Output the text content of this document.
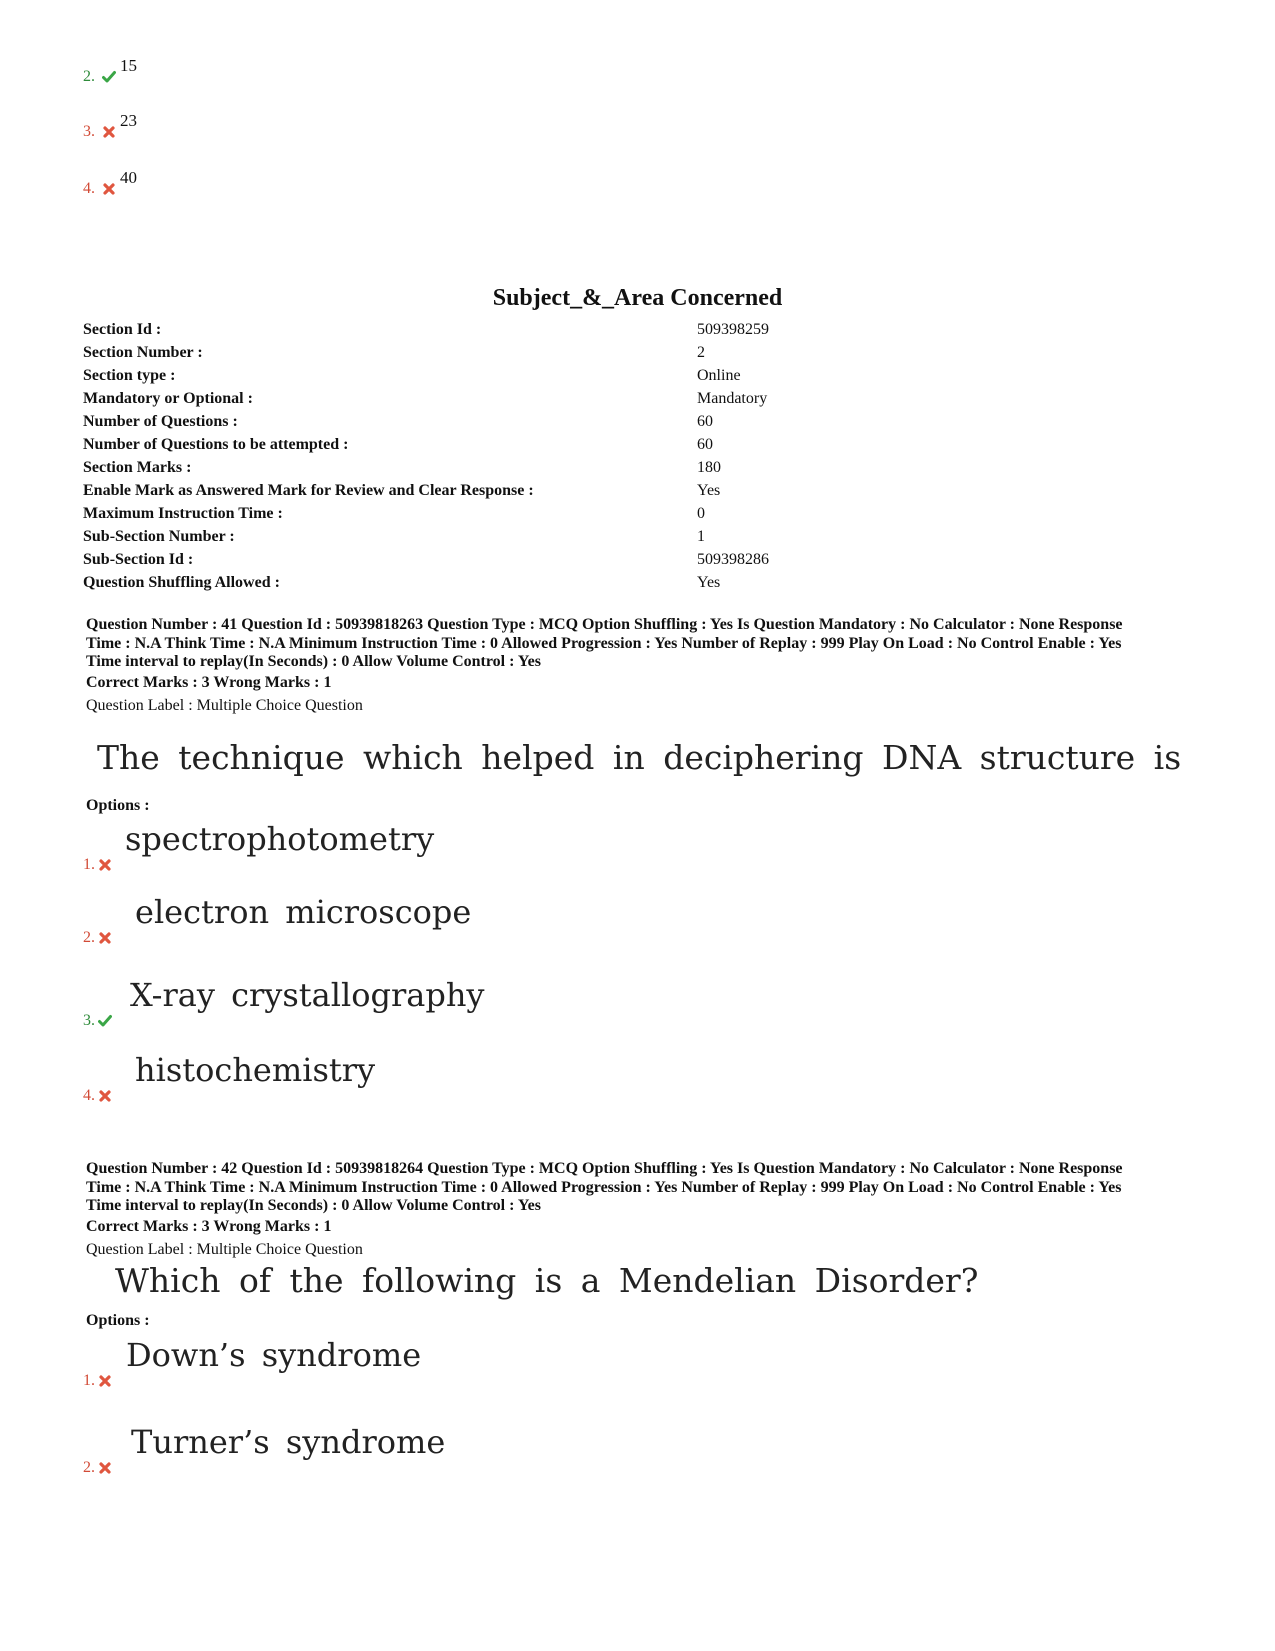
2.  15
3.  23
4.  40
Subject_&_Area Concerned
Section Id :	509398259
Section Number :	2
Section type :	Online
Mandatory or Optional :	Mandatory
Number of Questions :	60
Number of Questions to be attempted :	60
Section Marks :	180
Enable Mark as Answered Mark for Review and Clear Response :	Yes
Maximum Instruction Time :	0
Sub-Section Number :	1
Sub-Section Id :	509398286
Question Shuffling Allowed :	Yes
Question Number : 41 Question Id : 50939818263 Question Type : MCQ Option Shuffling : Yes Is Question Mandatory : No Calculator : None Response
Time : N.A Think Time : N.A Minimum Instruction Time : 0 Allowed Progression : Yes Number of Replay : 999 Play On Load : No Control Enable : Yes
Time interval to replay(In Seconds) : 0 Allow Volume Control : Yes
Correct Marks : 3 Wrong Marks : 1
Question Label : Multiple Choice Question
The technique which helped in deciphering DNA structure is
Options :
spectrophotometry
1.
electron microscope
2.
X-ray crystallography
3.
histochemistry
4.
Question Number : 42 Question Id : 50939818264 Question Type : MCQ Option Shuffling : Yes Is Question Mandatory : No Calculator : None Response
Time : N.A Think Time : N.A Minimum Instruction Time : 0 Allowed Progression : Yes Number of Replay : 999 Play On Load : No Control Enable : Yes
Time interval to replay(In Seconds) : 0 Allow Volume Control : Yes
Correct Marks : 3 Wrong Marks : 1
Question Label : Multiple Choice Question
Which of the following is a Mendelian Disorder?
Options :
Down’s syndrome
1.
Turner’s syndrome
2.
